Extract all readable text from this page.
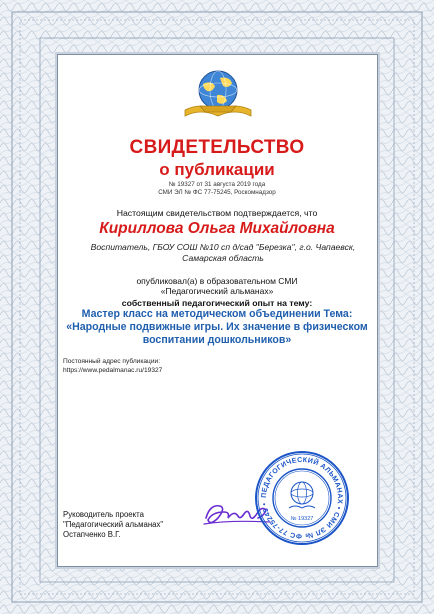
СВИДЕТЕЛЬСТВО
о публикации
№ 19327 от 31 августа 2019 года
СМИ ЭЛ № ФС 77-75245, Роскомнадзор
Настоящим свидетельством подтверждается, что
Кириллова Ольга Михайловна
Воспитатель, ГБОУ СОШ №10 сп д/сад "Березка", г.о. Чапаевск, Самарская область
опубликовал(а) в образовательном СМИ
«Педагогический альманах»
собственный педагогический опыт на тему:
Мастер класс на методическом объединении Тема: «Народные подвижные игры. Их значение в физическом воспитании дошкольников»
Постоянный адрес публикации:
https://www.pedalmanac.ru/19327
Руководитель проекта
"Педагогический альманах"
Остапченко В.Г.
ПЕДАГОГИЧЕСКИЙ АЛЬМАНАХ • СМИ ЭЛ № ФС 77-75245 •
№ 19327
